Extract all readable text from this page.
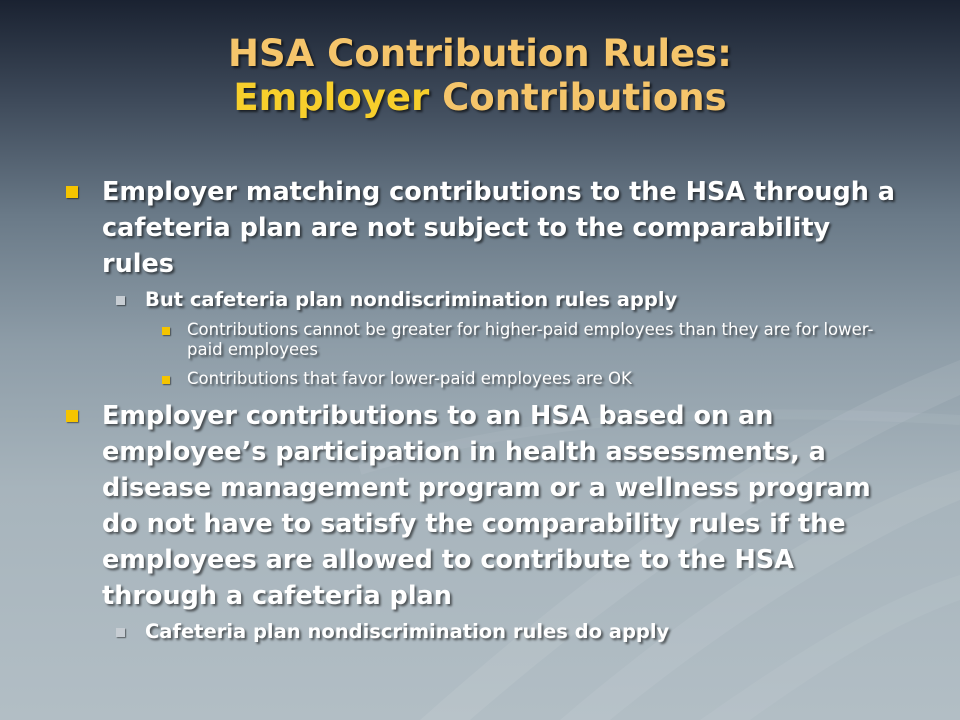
HSA Contribution Rules:
Employer Contributions
Employer matching contributions to the HSA through a cafeteria plan are not subject to the comparability rules
But cafeteria plan nondiscrimination rules apply
Contributions cannot be greater for higher-paid employees than they are for lower-paid employees
Contributions that favor lower-paid employees are OK
Employer contributions to an HSA based on an employee’s participation in health assessments, a disease management program or a wellness program do not have to satisfy the comparability rules if the employees are allowed to contribute to the HSA through a cafeteria plan
Cafeteria plan nondiscrimination rules do apply
